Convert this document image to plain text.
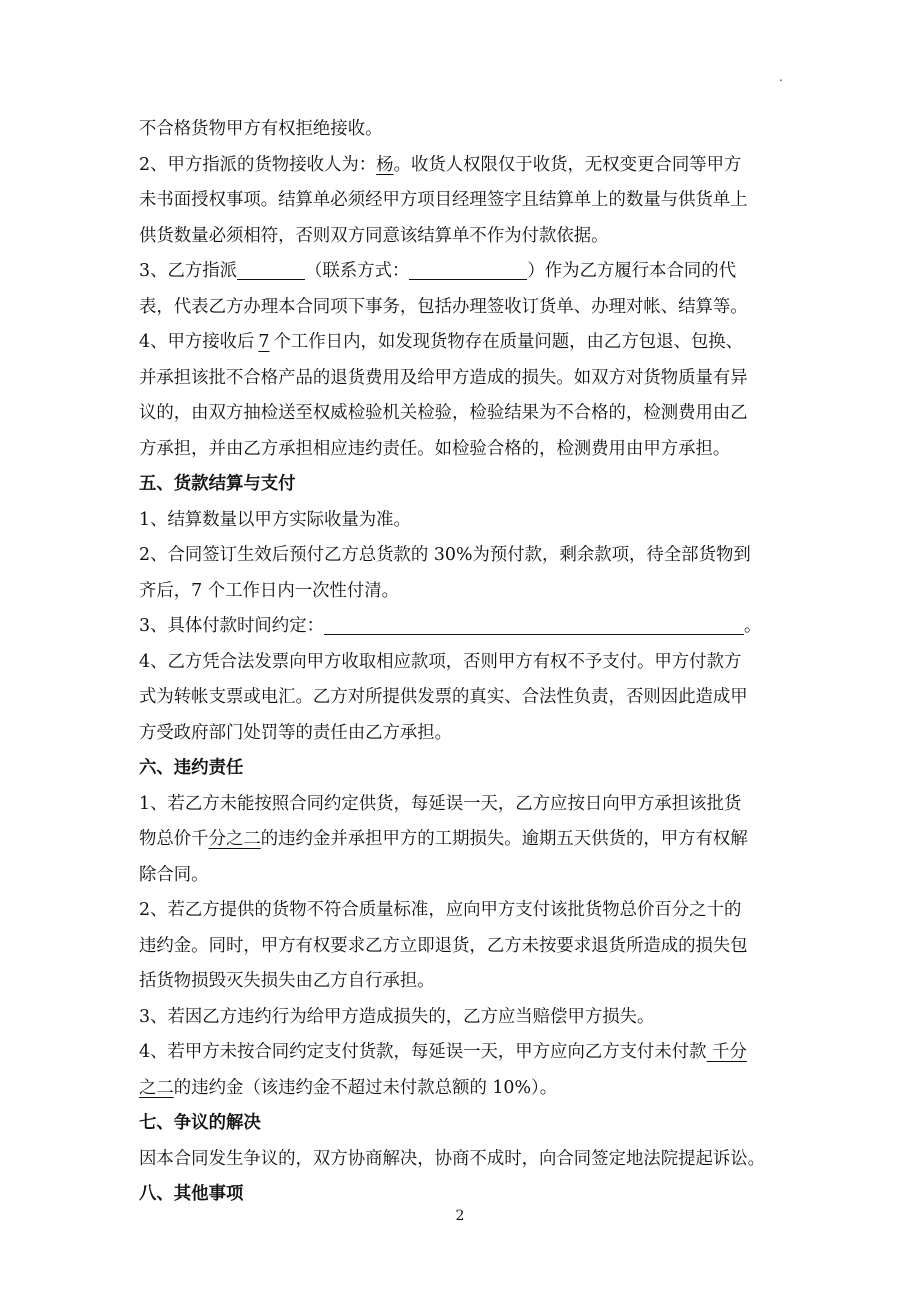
.
不合格货物甲方有权拒绝接收。
2、甲方指派的货物接收人为：杨。收货人权限仅于收货，无权变更合同等甲方
未书面授权事项。结算单必须经甲方项目经理签字且结算单上的数量与供货单上
供货数量必须相符，否则双方同意该结算单不作为付款依据。
3、乙方指派	（联系方式：	）作为乙方履行本合同的代
表，代表乙方办理本合同项下事务，包括办理签收订货单、办理对帐、结算等。
4、甲方接收后 7 个工作日内，如发现货物存在质量问题，由乙方包退、包换、
并承担该批不合格产品的退货费用及给甲方造成的损失。如双方对货物质量有异
议的，由双方抽检送至权威检验机关检验，检验结果为不合格的，检测费用由乙
方承担，并由乙方承担相应违约责任。如检验合格的，检测费用由甲方承担。
五、货款结算与支付
1、结算数量以甲方实际收量为准。
2、合同签订生效后预付乙方总货款的 30%为预付款，剩余款项，待全部货物到
齐后，7 个工作日内一次性付清。
3、具体付款时间约定：	。
4、乙方凭合法发票向甲方收取相应款项，否则甲方有权不予支付。甲方付款方
式为转帐支票或电汇。乙方对所提供发票的真实、合法性负责，否则因此造成甲
方受政府部门处罚等的责任由乙方承担。
六、违约责任
1、若乙方未能按照合同约定供货，每延误一天，乙方应按日向甲方承担该批货
物总价千分之二的违约金并承担甲方的工期损失。逾期五天供货的，甲方有权解
除合同。
2、若乙方提供的货物不符合质量标准，应向甲方支付该批货物总价百分之十的
违约金。同时，甲方有权要求乙方立即退货，乙方未按要求退货所造成的损失包
括货物损毁灭失损失由乙方自行承担。
3、若因乙方违约行为给甲方造成损失的，乙方应当赔偿甲方损失。
4、若甲方未按合同约定支付货款，每延误一天，甲方应向乙方支付未付款 千分
之二的违约金（该违约金不超过未付款总额的 10%）。
七、争议的解决
因本合同发生争议的，双方协商解决，协商不成时，向合同签定地法院提起诉讼。
八、其他事项
2
